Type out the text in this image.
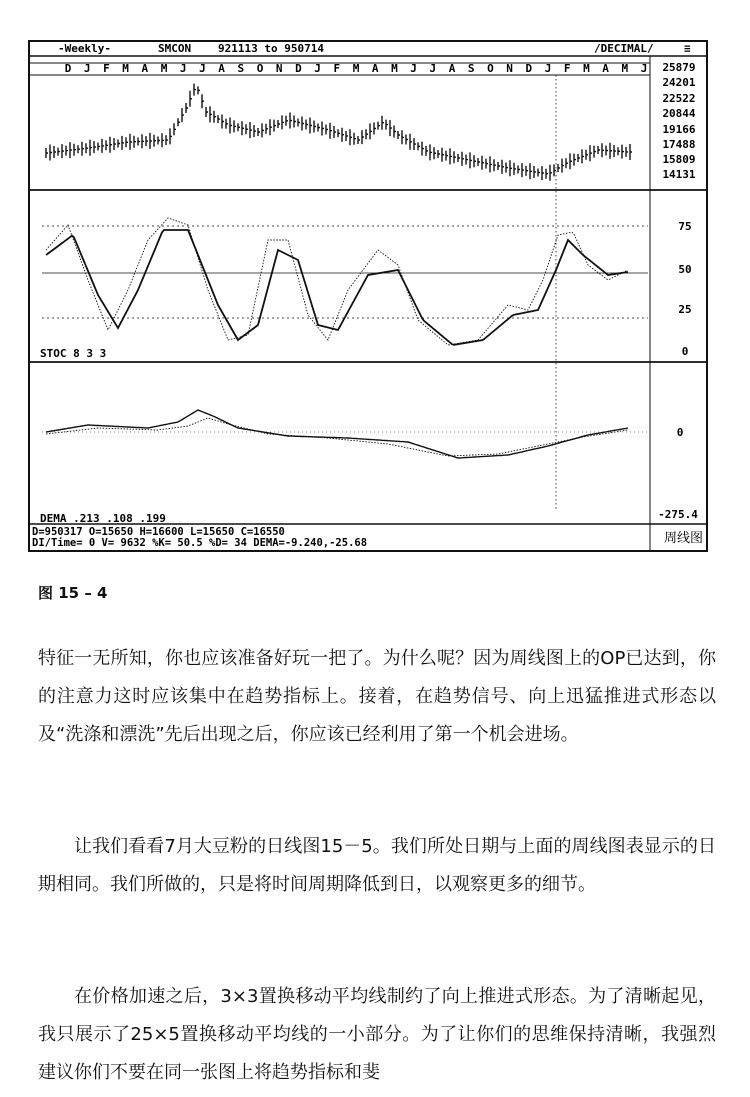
-Weekly-	SMCON 921113 to 950714	/DECIMAL/	≡
D J F M A M J J A S O N D J F M A M J J A S O N D J F M A M J 25879
24201
22522
20844
19166
17488
15809
14131
75
50
25
0
STOC 8 3 3
0
-275.4
DEMA .213 .108 .199
D=950317 O=15650 H=16600 L=15650 C=16550
DI/Time= 0 V= 9632 %K= 50.5 %D= 34 DEMA=-9.240,-25.68	周线图
图 15 – 4

特征一无所知，你也应该准备好玩一把了。为什么呢？因为周线图上的OP已达到，你的注意力这时应该集中在趋势指标上。接着，在趋势信号、向上迅猛推进式形态以及“洗涤和漂洗”先后出现之后，你应该已经利用了第一个机会进场。

让我们看看7月大豆粉的日线图15－5。我们所处日期与上面的周线图表显示的日期相同。我们所做的，只是将时间周期降低到日，以观察更多的细节。

在价格加速之后，3×3置换移动平均线制约了向上推进式形态。为了清晰起见，我只展示了25×5置换移动平均线的一小部分。为了让你们的思维保持清晰，我强烈建议你们不要在同一张图上将趋势指标和斐
